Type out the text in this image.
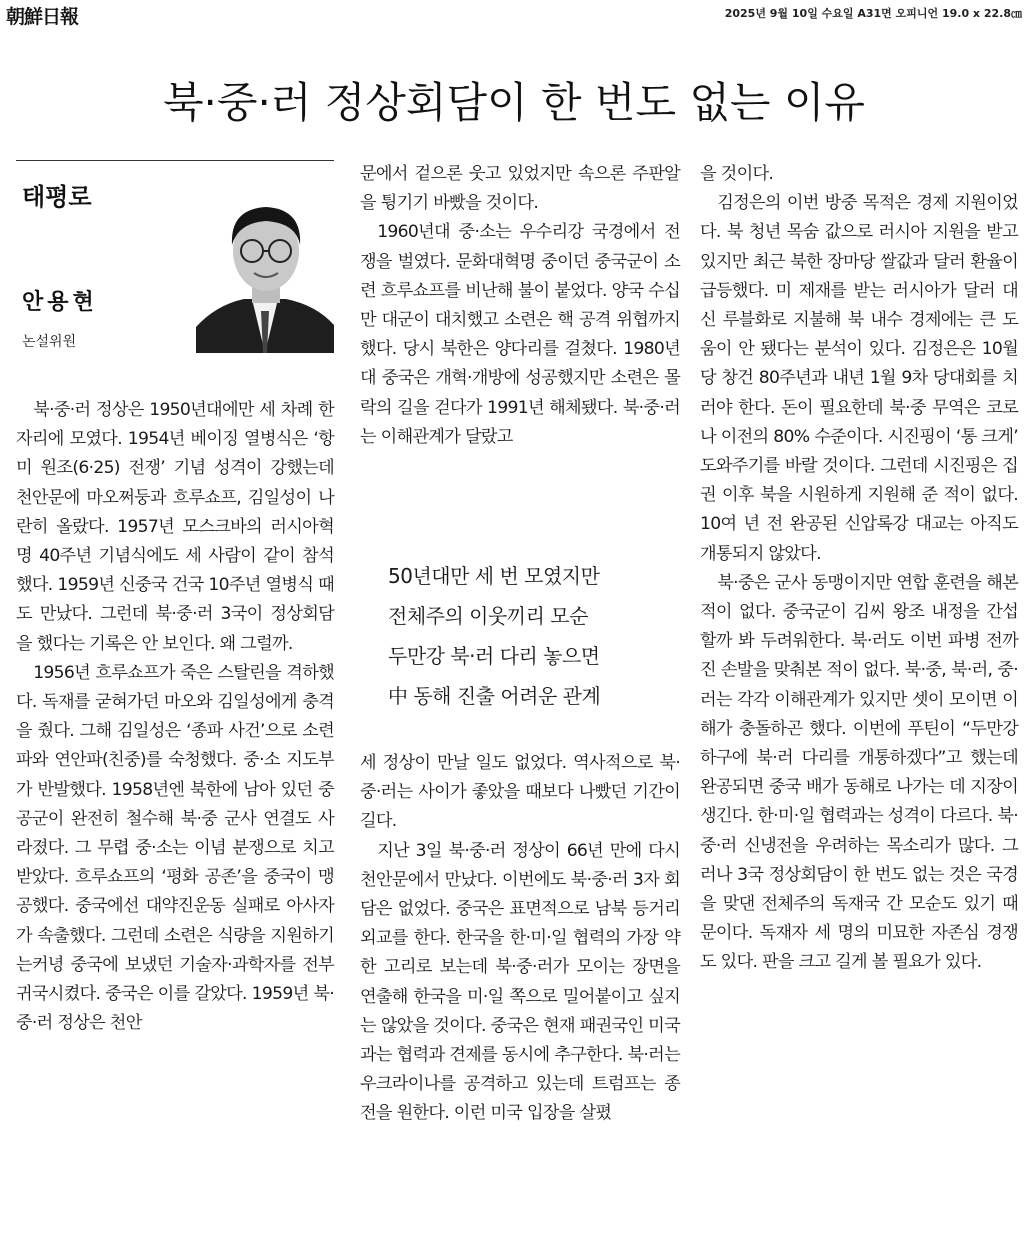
朝鮮日報	2025년 9월 10일 수요일 A31면 오피니언 19.0 x 22.8㎝
북·중·러 정상회담이 한 번도 없는 이유
태평로
안용현
논설위원

북·중·러 정상은 1950년대에만 세 차례 한자리에 모였다. 1954년 베이징 열병식은 ‘항미 원조(6·25) 전쟁’ 기념 성격이 강했는데 천안문에 마오쩌둥과 흐루쇼프, 김일성이 나란히 올랐다. 1957년 모스크바의 러시아혁명 40주년 기념식에도 세 사람이 같이 참석했다. 1959년 신중국 건국 10주년 열병식 때도 만났다. 그런데 북·중·러 3국이 정상회담을 했다는 기록은 안 보인다. 왜 그럴까.

1956년 흐루쇼프가 죽은 스탈린을 격하했다. 독재를 굳혀가던 마오와 김일성에게 충격을 줬다. 그해 김일성은 ‘종파 사건’으로 소련파와 연안파(친중)를 숙청했다. 중·소 지도부가 반발했다. 1958년엔 북한에 남아 있던 중공군이 완전히 철수해 북·중 군사 연결도 사라졌다. 그 무렵 중·소는 이념 분쟁으로 치고받았다. 흐루쇼프의 ‘평화 공존’을 중국이 맹공했다. 중국에선 대약진운동 실패로 아사자가 속출했다. 그런데 소련은 식량을 지원하기는커녕 중국에 보냈던 기술자·과학자를 전부 귀국시켰다. 중국은 이를 갈았다. 1959년 북·중·러 정상은 천안

문에서 겉으론 웃고 있었지만 속으론 주판알을 튕기기 바빴을 것이다.

1960년대 중·소는 우수리강 국경에서 전쟁을 벌였다. 문화대혁명 중이던 중국군이 소련 흐루쇼프를 비난해 불이 붙었다. 양국 수십만 대군이 대치했고 소련은 핵 공격 위협까지 했다. 당시 북한은 양다리를 걸쳤다. 1980년대 중국은 개혁·개방에 성공했지만 소련은 몰락의 길을 걷다가 1991년 해체됐다. 북·중·러는 이해관계가 달랐고

50년대만 세 번 모였지만
전체주의 이웃끼리 모순
두만강 북·러 다리 놓으면
中 동해 진출 어려운 관계

세 정상이 만날 일도 없었다. 역사적으로 북·중·러는 사이가 좋았을 때보다 나빴던 기간이 길다.

지난 3일 북·중·러 정상이 66년 만에 다시 천안문에서 만났다. 이번에도 북·중·러 3자 회담은 없었다. 중국은 표면적으로 남북 등거리 외교를 한다. 한국을 한·미·일 협력의 가장 약한 고리로 보는데 북·중·러가 모이는 장면을 연출해 한국을 미·일 쪽으로 밀어붙이고 싶지는 않았을 것이다. 중국은 현재 패권국인 미국과는 협력과 견제를 동시에 추구한다. 북·러는 우크라이나를 공격하고 있는데 트럼프는 종전을 원한다. 이런 미국 입장을 살폈

을 것이다.

김정은의 이번 방중 목적은 경제 지원이었다. 북 청년 목숨 값으로 러시아 지원을 받고 있지만 최근 북한 장마당 쌀값과 달러 환율이 급등했다. 미 제재를 받는 러시아가 달러 대신 루블화로 지불해 북 내수 경제에는 큰 도움이 안 됐다는 분석이 있다. 김정은은 10월 당 창건 80주년과 내년 1월 9차 당대회를 치러야 한다. 돈이 필요한데 북·중 무역은 코로나 이전의 80% 수준이다. 시진핑이 ‘통 크게’ 도와주기를 바랄 것이다. 그런데 시진핑은 집권 이후 북을 시원하게 지원해 준 적이 없다. 10여 년 전 완공된 신압록강 대교는 아직도 개통되지 않았다.

북·중은 군사 동맹이지만 연합 훈련을 해본 적이 없다. 중국군이 김씨 왕조 내정을 간섭할까 봐 두려워한다. 북·러도 이번 파병 전까진 손발을 맞춰본 적이 없다. 북·중, 북·러, 중·러는 각각 이해관계가 있지만 셋이 모이면 이해가 충돌하곤 했다. 이번에 푸틴이 “두만강 하구에 북·러 다리를 개통하겠다”고 했는데 완공되면 중국 배가 동해로 나가는 데 지장이 생긴다. 한·미·일 협력과는 성격이 다르다. 북·중·러 신냉전을 우려하는 목소리가 많다. 그러나 3국 정상회담이 한 번도 없는 것은 국경을 맞댄 전체주의 독재국 간 모순도 있기 때문이다. 독재자 세 명의 미묘한 자존심 경쟁도 있다. 판을 크고 길게 볼 필요가 있다.
